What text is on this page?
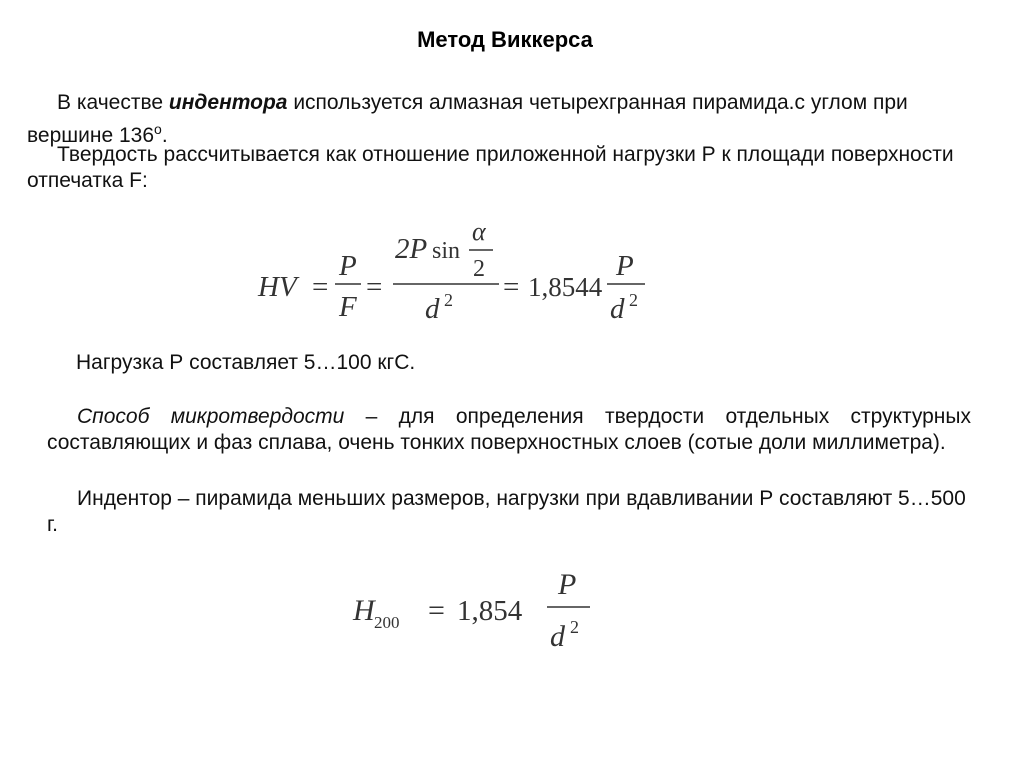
Метод Виккерса
В качестве индентора используется алмазная четырехгранная пирамида.с углом при вершине $136^о$.
Твердость рассчитывается как отношение приложенной нагрузки Р к площади поверхности отпечатка F:
HV =
P
F
=
2P sin
α
2
d 2 = 1,8544
P
d 2
Нагрузка Р составляет 5…100 кгС.
Способ микротвердости – для определения твердости отдельных структурных составляющих и фаз сплава, очень тонких поверхностных слоев (сотые доли миллиметра).
Индентор – пирамида меньших размеров, нагрузки при вдавливании Р составляют 5…500 г.
H 200 = 1,854
P
d 2
